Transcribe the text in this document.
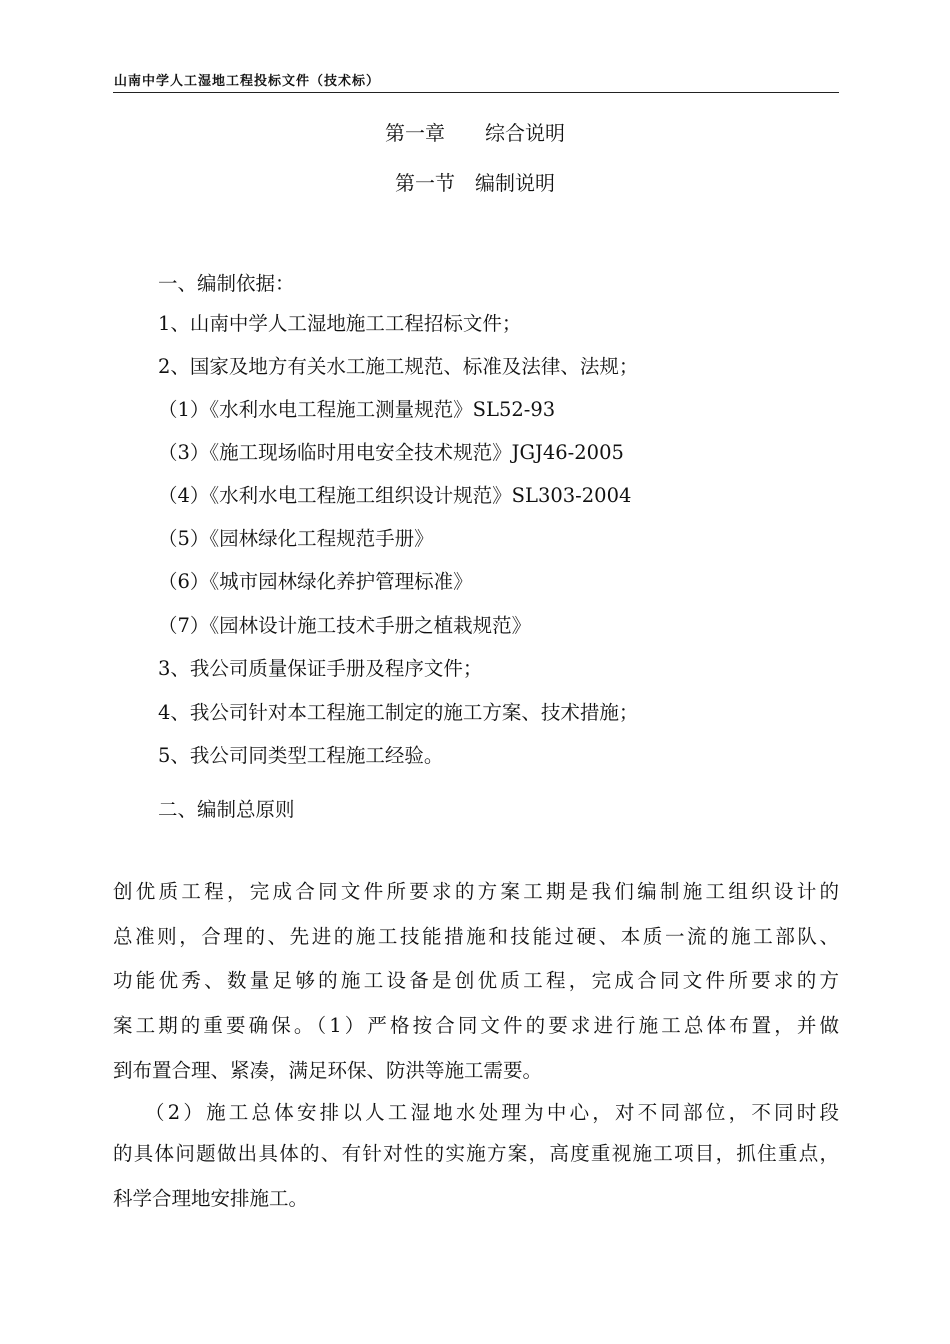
山南中学人工湿地工程投标文件（技术标）
第一章　　综合说明
第一节　编制说明
一、编制依据：
1、山南中学人工湿地施工工程招标文件；
2、国家及地方有关水工施工规范、标准及法律、法规；
（1）《水利水电工程施工测量规范》SL52-93
（3）《施工现场临时用电安全技术规范》JGJ46-2005
（4）《水利水电工程施工组织设计规范》SL303-2004
（5）《园林绿化工程规范手册》
（6）《城市园林绿化养护管理标准》
（7）《园林设计施工技术手册之植栽规范》
3、我公司质量保证手册及程序文件；
4、我公司针对本工程施工制定的施工方案、技术措施；
5、我公司同类型工程施工经验。
二、编制总原则
创优质工程，完成合同文件所要求的方案工期是我们编制施工组织设计的
总准则，合理的、先进的施工技能措施和技能过硬、本质一流的施工部队、
功能优秀、数量足够的施工设备是创优质工程，完成合同文件所要求的方
案工期的重要确保。（1）严格按合同文件的要求进行施工总体布置，并做
到布置合理、紧凑，满足环保、防洪等施工需要。
（2）施工总体安排以人工湿地水处理为中心，对不同部位，不同时段
的具体问题做出具体的、有针对性的实施方案，高度重视施工项目，抓住重点，
科学合理地安排施工。
